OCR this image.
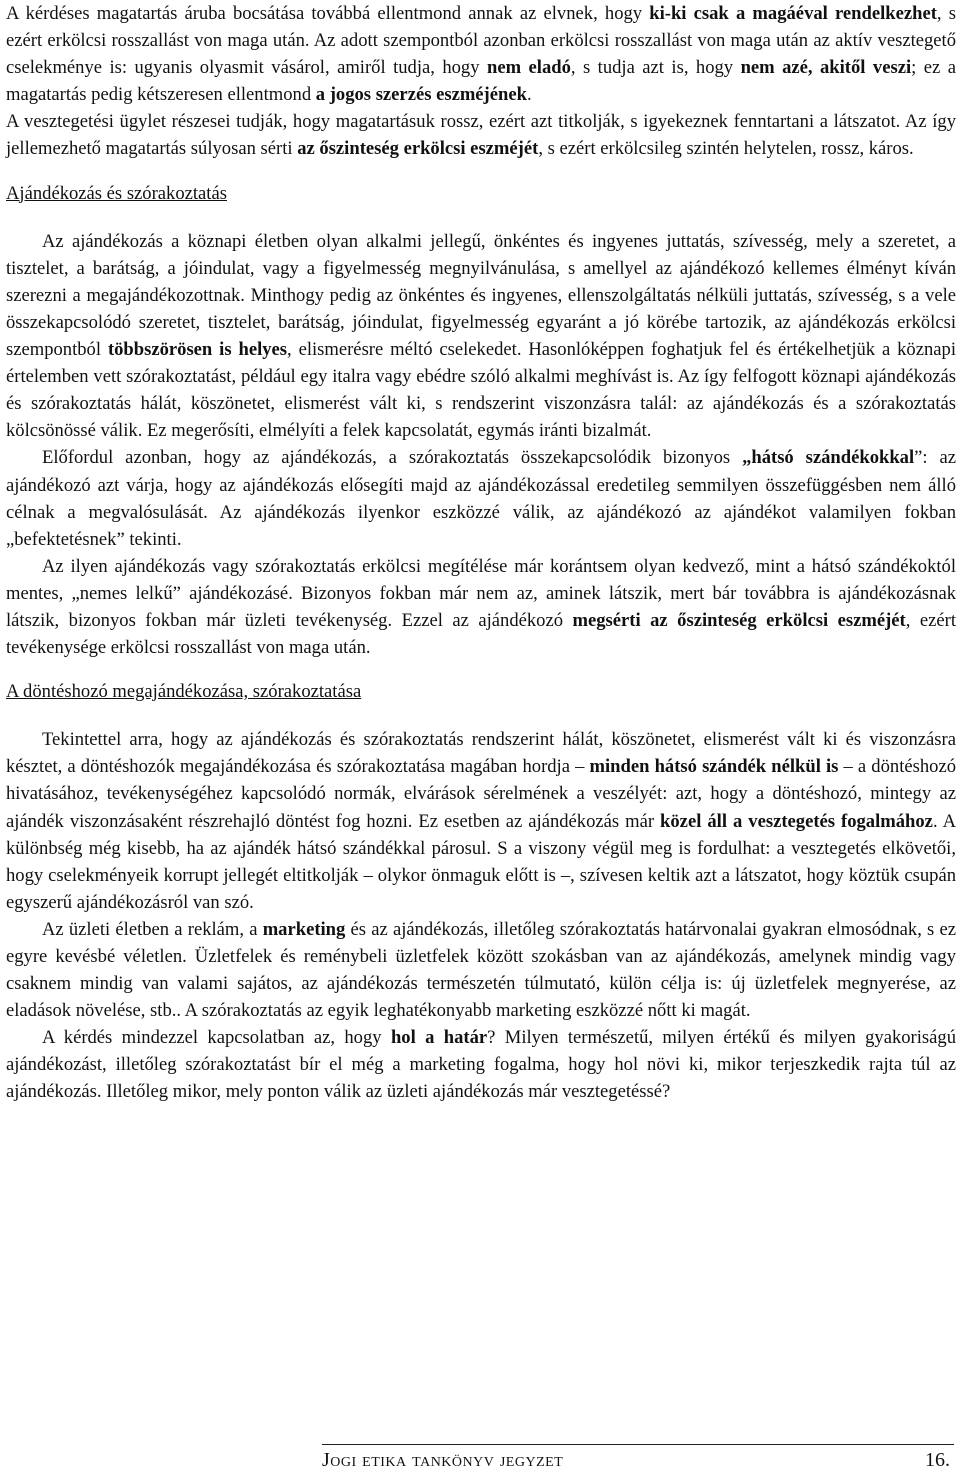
A kérdéses magatartás áruba bocsátása továbbá ellentmond annak az elvnek, hogy ki-ki csak a magáéval rendelkezhet, s ezért erkölcsi rosszallást von maga után. Az adott szempontból azonban erkölcsi rosszallást von maga után az aktív vesztegető cselekménye is: ugyanis olyasmit vásárol, amiről tudja, hogy nem eladó, s tudja azt is, hogy nem azé, akitől veszi; ez a magatartás pedig kétszeresen ellentmond a jogos szerzés eszméjének.

A vesztegetési ügylet részesei tudják, hogy magatartásuk rossz, ezért azt titkolják, s igyekeznek fenntartani a látszatot. Az így jellemezhető magatartás súlyosan sérti az őszinteség erkölcsi eszméjét, s ezért erkölcsileg szintén helytelen, rossz, káros.

Ajándékozás és szórakoztatás

Az ajándékozás a köznapi életben olyan alkalmi jellegű, önkéntes és ingyenes juttatás, szívesség, mely a szeretet, a tisztelet, a barátság, a jóindulat, vagy a figyelmesség megnyilvánulása, s amellyel az ajándékozó kellemes élményt kíván szerezni a megajándékozottnak. Minthogy pedig az önkéntes és ingyenes, ellenszolgáltatás nélküli juttatás, szívesség, s a vele összekapcsolódó szeretet, tisztelet, barátság, jóindulat, figyelmesség egyaránt a jó körébe tartozik, az ajándékozás erkölcsi szempontból többszörösen is helyes, elismerésre méltó cselekedet. Hasonlóképpen foghatjuk fel és értékelhetjük a köznapi értelemben vett szórakoztatást, például egy italra vagy ebédre szóló alkalmi meghívást is. Az így felfogott köznapi ajándékozás és szórakoztatás hálát, köszönetet, elismerést vált ki, s rendszerint viszonzásra talál: az ajándékozás és a szórakoztatás kölcsönössé válik. Ez megerősíti, elmélyíti a felek kapcsolatát, egymás iránti bizalmát.

Előfordul azonban, hogy az ajándékozás, a szórakoztatás összekapcsolódik bizonyos „hátsó szándékokkal”: az ajándékozó azt várja, hogy az ajándékozás elősegíti majd az ajándékozással eredetileg semmilyen összefüggésben nem álló célnak a megvalósulását. Az ajándékozás ilyenkor eszközzé válik, az ajándékozó az ajándékot valamilyen fokban „befektetésnek” tekinti.

Az ilyen ajándékozás vagy szórakoztatás erkölcsi megítélése már korántsem olyan kedvező, mint a hátsó szándékoktól mentes, „nemes lelkű” ajándékozásé. Bizonyos fokban már nem az, aminek látszik, mert bár továbbra is ajándékozásnak látszik, bizonyos fokban már üzleti tevékenység. Ezzel az ajándékozó megsérti az őszinteség erkölcsi eszméjét, ezért tevékenysége erkölcsi rosszallást von maga után.

A döntéshozó megajándékozása, szórakoztatása

Tekintettel arra, hogy az ajándékozás és szórakoztatás rendszerint hálát, köszönetet, elismerést vált ki és viszonzásra késztet, a döntéshozók megajándékozása és szórakoztatása magában hordja – minden hátsó szándék nélkül is – a döntéshozó hivatásához, tevékenységéhez kapcsolódó normák, elvárások sérelmének a veszélyét: azt, hogy a döntéshozó, mintegy az ajándék viszonzásaként részrehajló döntést fog hozni. Ez esetben az ajándékozás már közel áll a vesztegetés fogalmához. A különbség még kisebb, ha az ajándék hátsó szándékkal párosul. S a viszony végül meg is fordulhat: a vesztegetés elkövetői, hogy cselekményeik korrupt jellegét eltitkolják – olykor önmaguk előtt is –, szívesen keltik azt a látszatot, hogy köztük csupán egyszerű ajándékozásról van szó.

Az üzleti életben a reklám, a marketing és az ajándékozás, illetőleg szórakoztatás határvonalai gyakran elmosódnak, s ez egyre kevésbé véletlen. Üzletfelek és reménybeli üzletfelek között szokásban van az ajándékozás, amelynek mindig vagy csaknem mindig van valami sajátos, az ajándékozás természetén túlmutató, külön célja is: új üzletfelek megnyerése, az eladások növelése, stb.. A szórakoztatás az egyik leghatékonyabb marketing eszközzé nőtt ki magát.

A kérdés mindezzel kapcsolatban az, hogy hol a határ? Milyen természetű, milyen értékű és milyen gyakoriságú ajándékozást, illetőleg szórakoztatást bír el még a marketing fogalma, hogy hol növi ki, mikor terjeszkedik rajta túl az ajándékozás. Illetőleg mikor, mely ponton válik az üzleti ajándékozás már vesztegetéssé?

Jogi etika tankönyv jegyzet	16.
